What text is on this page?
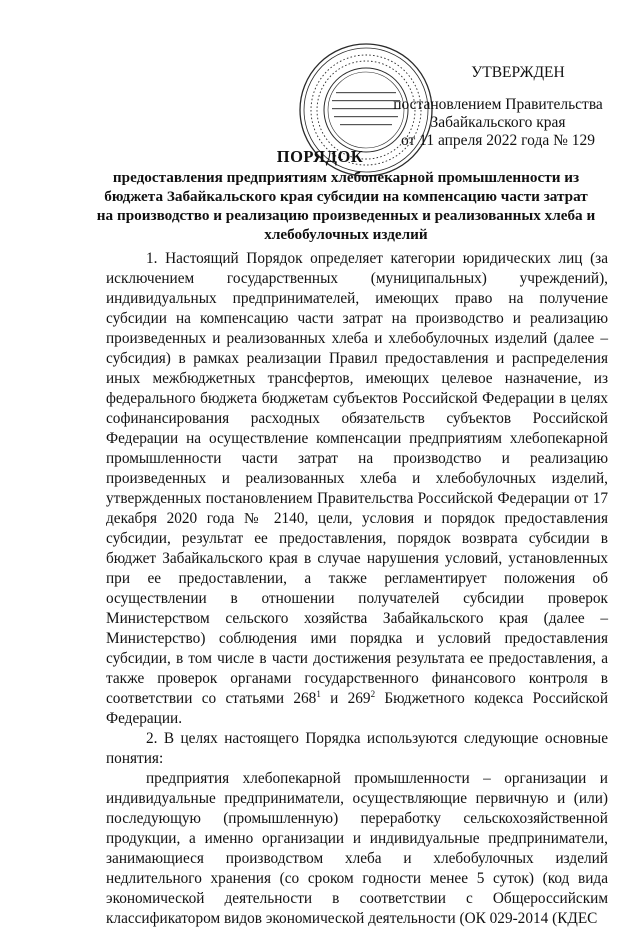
УТВЕРЖДЕН
постановлением Правительства
Забайкальского края
от 11 апреля 2022 года № 129
ПОРЯДОК
предоставления предприятиям хлебопекарной промышленности из бюджета Забайкальского края субсидии на компенсацию части затрат на производство и реализацию произведенных и реализованных хлеба и хлебобулочных изделий

1. Настоящий Порядок определяет категории юридических лиц (за исключением государственных (муниципальных) учреждений), индивидуальных предпринимателей, имеющих право на получение субсидии на компенсацию части затрат на производство и реализацию произведенных и реализованных хлеба и хлебобулочных изделий (далее – субсидия) в рамках реализации Правил предоставления и распределения иных межбюджетных трансфертов, имеющих целевое назначение, из федерального бюджета бюджетам субъектов Российской Федерации в целях софинансирования расходных обязательств субъектов Российской Федерации на осуществление компенсации предприятиям хлебопекарной промышленности части затрат на производство и реализацию произведенных и реализованных хлеба и хлебобулочных изделий, утвержденных постановлением Правительства Российской Федерации от 17 декабря 2020 года № 2140, цели, условия и порядок предоставления субсидии, результат ее предоставления, порядок возврата субсидии в бюджет Забайкальского края в случае нарушения условий, установленных при ее предоставлении, а также регламентирует положения об осуществлении в отношении получателей субсидии проверок Министерством сельского хозяйства Забайкальского края (далее – Министерство) соблюдения ими порядка и условий предоставления субсидии, в том числе в части достижения результата ее предоставления, а также проверок органами государственного финансового контроля в соответствии со статьями $268^1$ и $269^2$ Бюджетного кодекса Российской Федерации.

2. В целях настоящего Порядка используются следующие основные понятия:

предприятия хлебопекарной промышленности – организации и индивидуальные предприниматели, осуществляющие первичную и (или) последующую (промышленную) переработку сельскохозяйственной продукции, а именно организации и индивидуальные предприниматели, занимающиеся производством хлеба и хлебобулочных изделий недлительного хранения (со сроком годности менее 5 суток) (код вида экономической деятельности в соответствии с Общероссийским классификатором видов экономической деятельности (ОК 029-2014 (КДЕС
